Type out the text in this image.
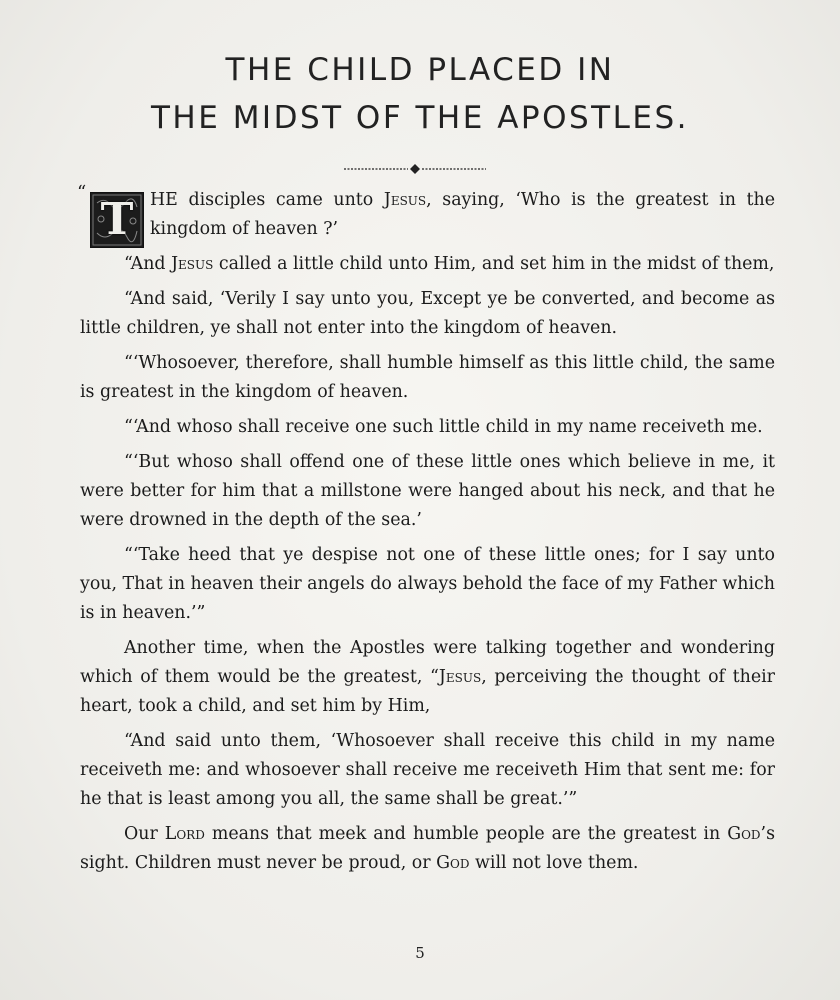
THE CHILD PLACED IN
THE MIDST OF THE APOSTLES.

T HE disciples came unto Jesus, saying, ‘Who is the greatest in the kingdom of heaven ?’

“And Jesus called a little child unto Him, and set him in the midst of them,

“And said, ‘Verily I say unto you, Except ye be converted, and become as little children, ye shall not enter into the kingdom of heaven.

“‘Whosoever, therefore, shall humble himself as this little child, the same is greatest in the kingdom of heaven.

“‘And whoso shall receive one such little child in my name receiveth me.

“‘But whoso shall offend one of these little ones which believe in me, it were better for him that a millstone were hanged about his neck, and that he were drowned in the depth of the sea.’

“‘Take heed that ye despise not one of these little ones; for I say unto you, That in heaven their angels do always behold the face of my Father which is in heaven.’”

Another time, when the Apostles were talking together and wondering which of them would be the greatest, “Jesus, perceiving the thought of their heart, took a child, and set him by Him,

“And said unto them, ‘Whosoever shall receive this child in my name receiveth me: and whosoever shall receive me receiveth Him that sent me: for he that is least among you all, the same shall be great.’”

Our Lord means that meek and humble people are the greatest in God’s sight. Children must never be proud, or God will not love them.

“
5
